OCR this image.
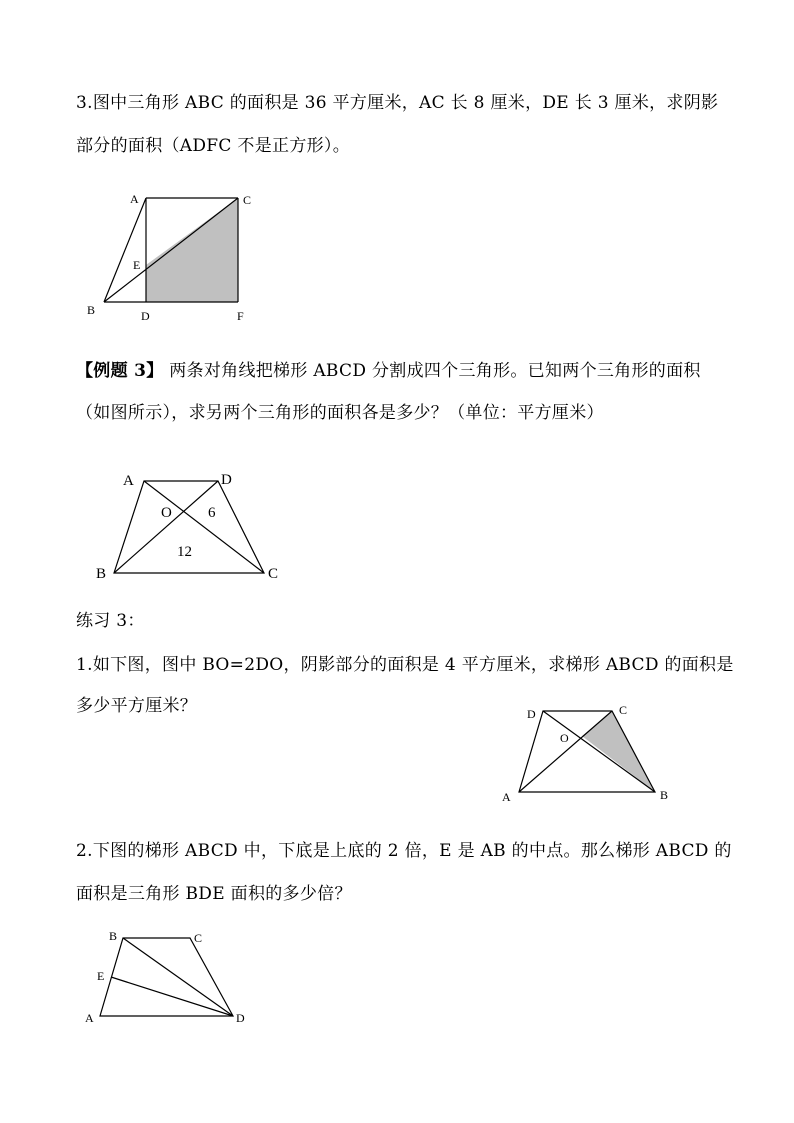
3.图中三角形 ABC 的面积是 36 平方厘米，AC 长 8 厘米，DE 长 3 厘米，求阴影
部分的面积（ADFC 不是正方形）。
A	C
E
B	D	F
【例题 3】 两条对角线把梯形 ABCD 分割成四个三角形。已知两个三角形的面积
（如图所示），求另两个三角形的面积各是多少？（单位：平方厘米）
A	D
B	C
O 6
12
练习 3：
1.如下图，图中 BO=2DO，阴影部分的面积是 4 平方厘米，求梯形 ABCD 的面积是
多少平方厘米？	D	C
O
A	B
2.下图的梯形 ABCD 中，下底是上底的 2 倍，E 是 AB 的中点。那么梯形 ABCD 的
面积是三角形 BDE 面积的多少倍？
B	C
E
A	D
